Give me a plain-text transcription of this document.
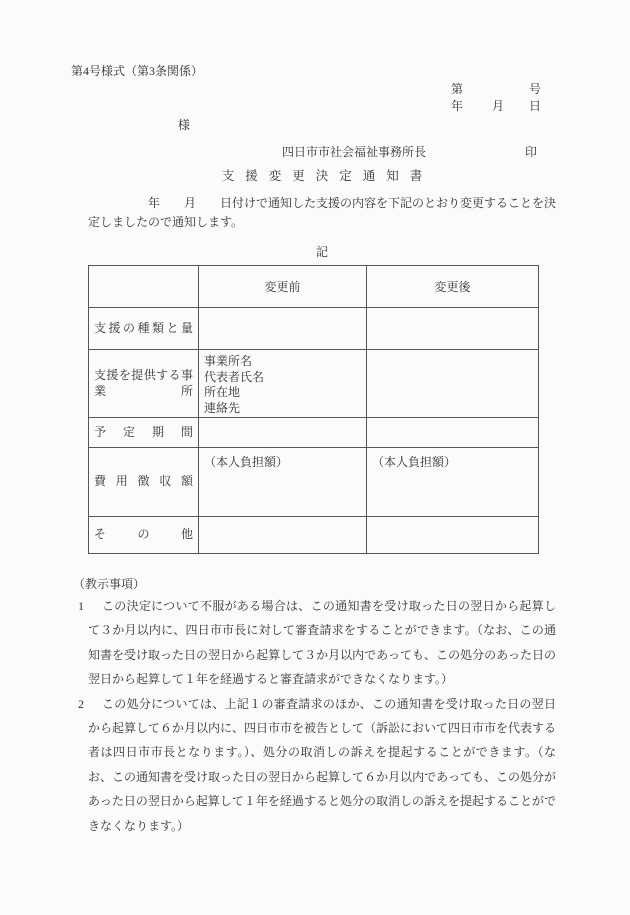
第4号様式（第3条関係）
第	号
年 月 日
様
四日市市社会福祉事務所長	印
支援変更決定通知書

年　　月　　日付けで通知した支援の内容を下記のとおり変更することを決定しましたので通知します。

記
	変更前	変更後

支援の種類と量		

支援を提供する事業所	事業所名
代表者氏名
所在地
連絡先	

予定期間		

費用徴収額	（本人負担額）	（本人負担額）

その他		

（教示事項）
1 この決定について不服がある場合は、この通知書を受け取った日の翌日から起算して３か月以内に、四日市市長に対して審査請求をすることができます。（なお、この通知書を受け取った日の翌日から起算して３か月以内であっても、この処分のあった日の翌日から起算して１年を経過すると審査請求ができなくなります。）
2 この処分については、上記１の審査請求のほか、この通知書を受け取った日の翌日から起算して６か月以内に、四日市市を被告として（訴訟において四日市市を代表する者は四日市市長となります。）、処分の取消しの訴えを提起することができます。（なお、この通知書を受け取った日の翌日から起算して６か月以内であっても、この処分があった日の翌日から起算して１年を経過すると処分の取消しの訴えを提起することができなくなります。）
